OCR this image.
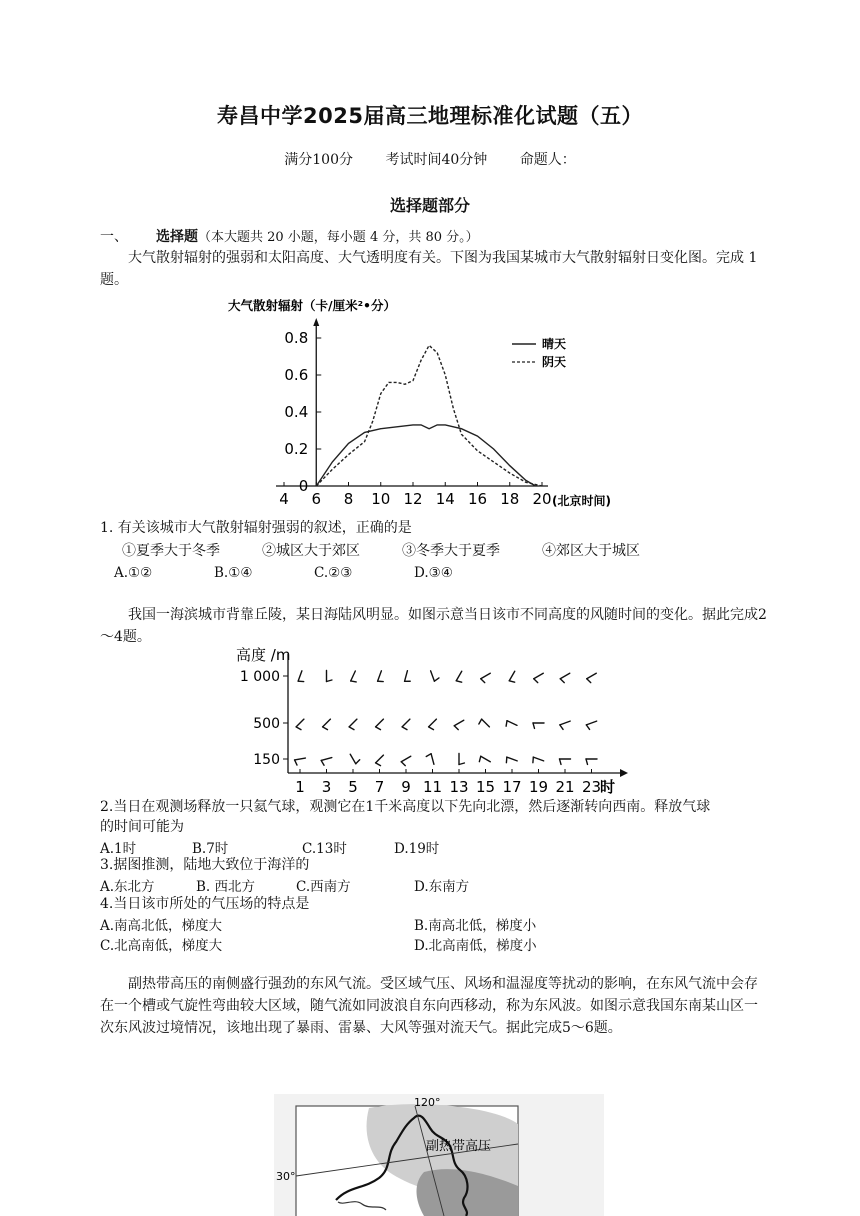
寿昌中学2025届高三地理标准化试题（五）
满分100分 考试时间40分钟 命题人：
选择题部分
一、 选择题（本大题共 20 小题，每小题 4 分，共 80 分。）
大气散射辐射的强弱和太阳高度、大气透明度有关。下图为我国某城市大气散射辐射日变化图。完成 1 题。
大气散射辐射（卡/厘米²•分）
0
0.2
0.4
0.6
0.8
4 6 8 10 12 14 16 18 20
晴天
阴天
(北京时间)
1. 有关该城市大气散射辐射强弱的叙述，正确的是
①夏季大于冬季　　　②城区大于郊区　　　③冬季大于夏季　　　④郊区大于城区
A.①②	B.①④	C.②③	D.③④
我国一海滨城市背靠丘陵，某日海陆风明显。如图示意当日该市不同高度的风随时间的变化。据此完成2～4题。
高度 /m
1 000
500
150
1 3 5 7 9 11 13 15 17 19 21 23
时
2.当日在观测场释放一只氦气球，观测它在1千米高度以下先向北漂，然后逐渐转向西南。释放气球
的时间可能为
A.1时	B.7时	C.13时	D.19时
3.据图推测，陆地大致位于海洋的
A.东北方	B. 西北方	C.西南方	D.东南方
4.当日该市所处的气压场的特点是
A.南高北低，梯度大	B.南高北低，梯度小
C.北高南低，梯度大	D.北高南低，梯度小
副热带高压的南侧盛行强劲的东风气流。受区域气压、风场和温湿度等扰动的影响，在东风气流中会存在一个槽或气旋性弯曲较大区域，随气流如同波浪自东向西移动，称为东风波。如图示意我国东南某山区一次东风波过境情况，该地出现了暴雨、雷暴、大风等强对流天气。据此完成5～6题。
30°
120°
副热带高压
